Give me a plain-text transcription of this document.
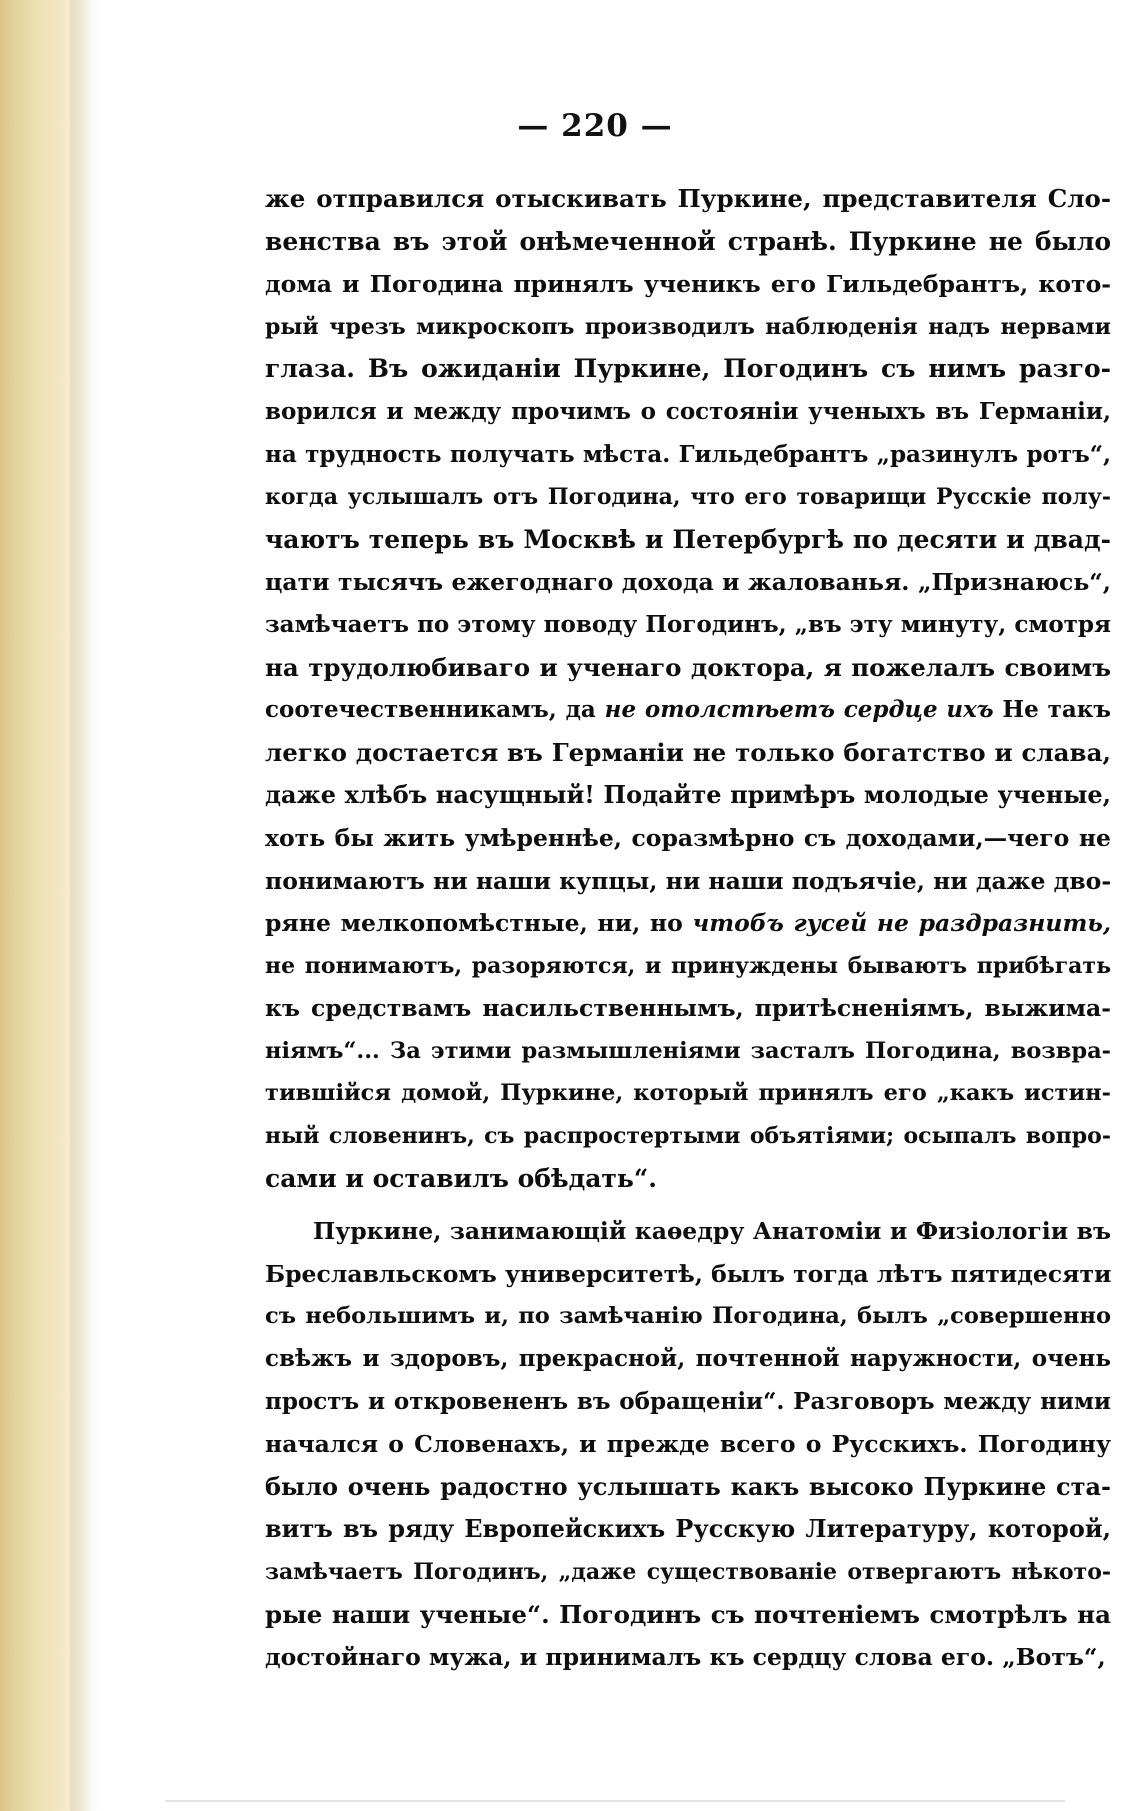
— 220 —
же отправился отыскивать Пуркине, представителя Сло-
венства въ этой онѣмеченной странѣ. Пуркине не было
дома и Погодина принялъ ученикъ его Гильдебрантъ, кото-
рый чрезъ микроскопъ производилъ наблюденія надъ нервами
глаза. Въ ожиданіи Пуркине, Погодинъ съ нимъ разго-
ворился и между прочимъ о состояніи ученыхъ въ Германіи,
на трудность получать мѣста. Гильдебрантъ „разинулъ ротъ“,
когда услышалъ отъ Погодина, что его товарищи Русскіе полу-
чаютъ теперь въ Москвѣ и Петербургѣ по десяти и двад-
цати тысячъ ежегоднаго дохода и жалованья. „Признаюсь“,
замѣчаетъ по этому поводу Погодинъ, „въ эту минуту, смотря
на трудолюбиваго и ученаго доктора, я пожелалъ своимъ
соотечественникамъ, да не отолстѣетъ сердце ихъ Не такъ
легко достается въ Германіи не только богатство и слава,
даже хлѣбъ насущный! Подайте примѣръ молодые ученые,
хоть бы жить умѣреннѣе, соразмѣрно съ доходами,—чего не
понимаютъ ни наши купцы, ни наши подъячіе, ни даже дво-
ряне мелкопомѣстные, ни, но чтобъ гусей не раздразнить,
не понимаютъ, разоряются, и принуждены бываютъ прибѣгать
къ средствамъ насильственнымъ, притѣсненіямъ, выжима-
ніямъ“... За этими размышленіями засталъ Погодина, возвра-
тившійся домой, Пуркине, который принялъ его „какъ истин-
ный словенинъ, съ распростертыми объятіями; осыпалъ вопро-
сами и оставилъ обѣдать“.
Пуркине, занимающій каѳедру Анатоміи и Физіологіи въ
Бреславльскомъ университетѣ, былъ тогда лѣтъ пятидесяти
съ небольшимъ и, по замѣчанію Погодина, былъ „совершенно
свѣжъ и здоровъ, прекрасной, почтенной наружности, очень
простъ и откровененъ въ обращеніи“. Разговоръ между ними
начался о Словенахъ, и прежде всего о Русскихъ. Погодину
было очень радостно услышать какъ высоко Пуркине ста-
витъ въ ряду Европейскихъ Русскую Литературу, которой,
замѣчаетъ Погодинъ, „даже существованіе отвергаютъ нѣкото-
рые наши ученые“. Погодинъ съ почтеніемъ смотрѣлъ на
достойнаго мужа, и принималъ къ сердцу слова его. „Вотъ“,
